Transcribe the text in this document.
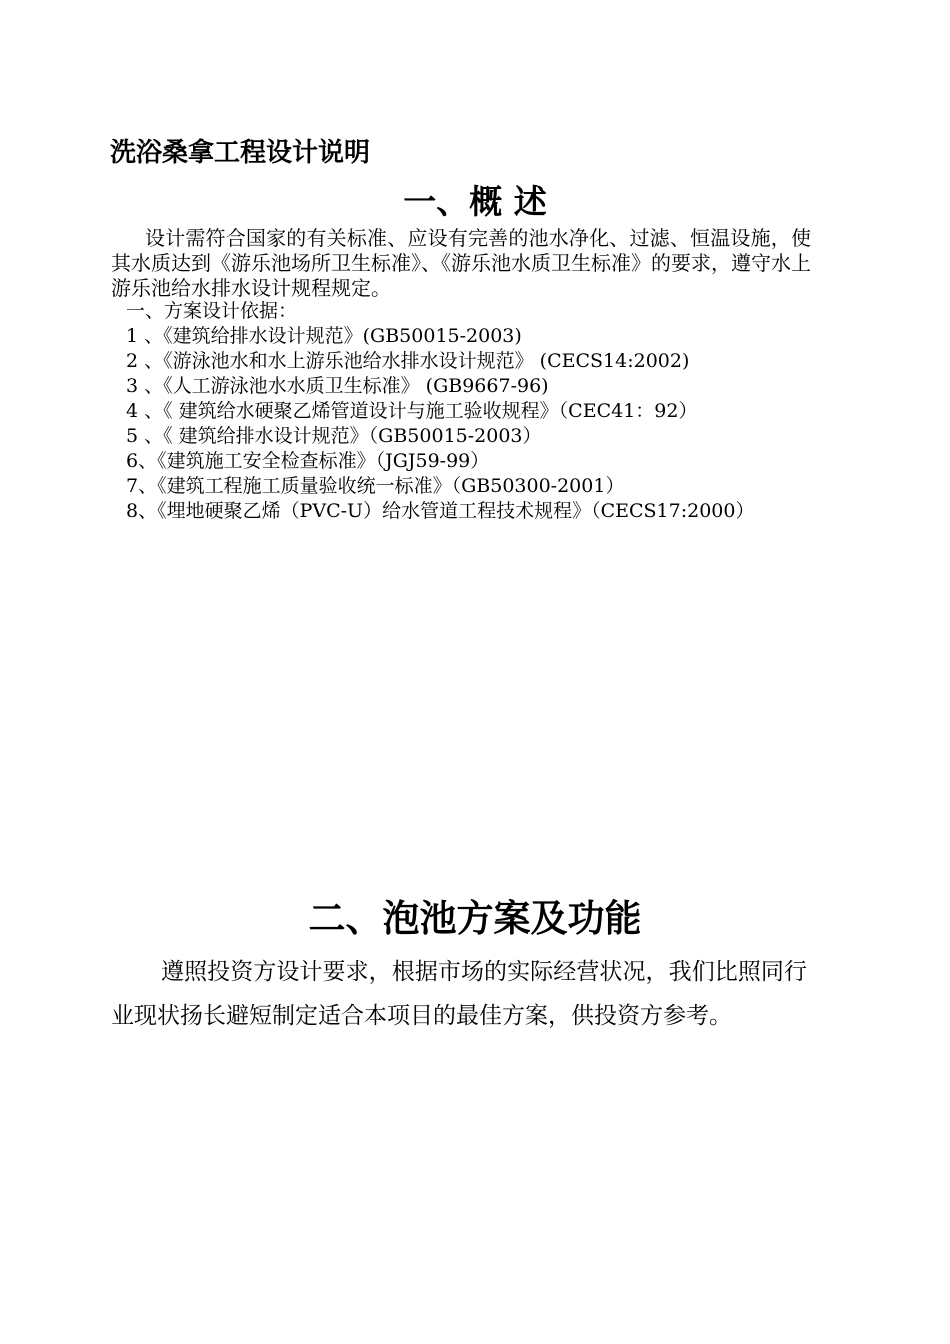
洗浴桑拿工程设计说明
一、概 述
设计需符合国家的有关标准、应设有完善的池水净化、过滤、恒温设施，使其水质达到《游乐池场所卫生标准》、《游乐池水质卫生标准》的要求，遵守水上游乐池给水排水设计规程规定。
一、方案设计依据：
1 、《建筑给排水设计规范》(GB50015-2003)
2 、《游泳池水和水上游乐池给水排水设计规范》 (CECS14:2002)
3 、《人工游泳池水水质卫生标准》 (GB9667-96)
4 、《 建筑给水硬聚乙烯管道设计与施工验收规程》（CEC41：92）
5 、《 建筑给排水设计规范》（GB50015-2003）
6、《建筑施工安全检查标准》（JGJ59-99）
7、《建筑工程施工质量验收统一标准》（GB50300-2001）
8、《埋地硬聚乙烯（PVC-U）给水管道工程技术规程》（CECS17:2000）
二、泡池方案及功能
遵照投资方设计要求，根据市场的实际经营状况，我们比照同行业现状扬长避短制定适合本项目的最佳方案，供投资方参考。
